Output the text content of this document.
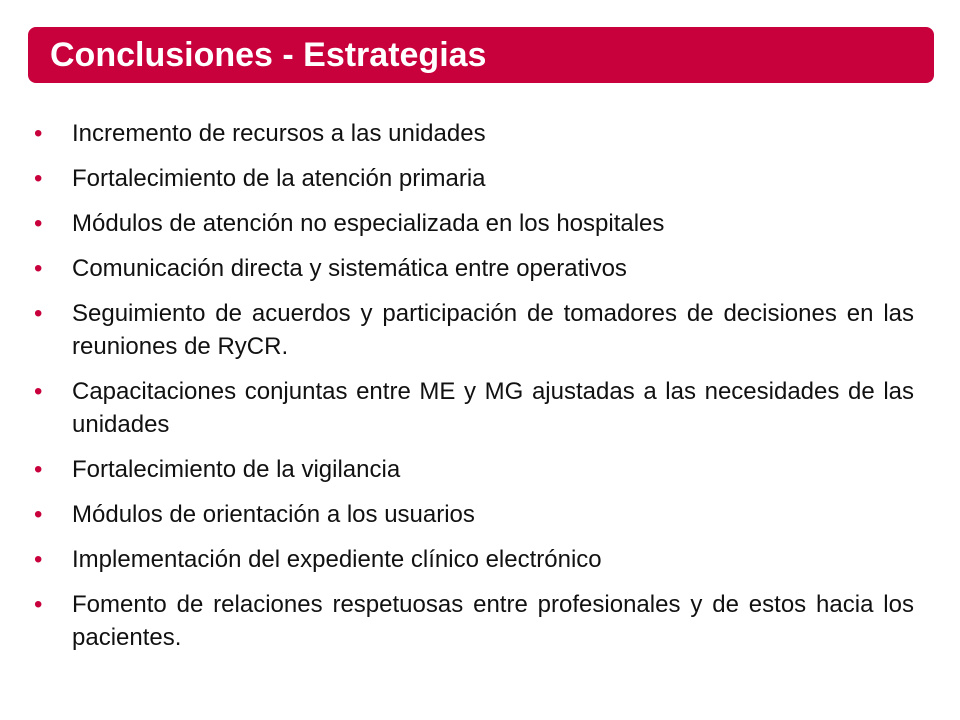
Conclusiones - Estrategias
•	Incremento de recursos a las unidades
•	Fortalecimiento de la atención primaria
•	Módulos de atención no especializada en los hospitales
•	Comunicación directa y sistemática entre operativos
•	Seguimiento de acuerdos y participación de tomadores de decisiones en las reuniones de RyCR.
•	Capacitaciones conjuntas entre ME y MG ajustadas a las necesidades de las unidades
•	Fortalecimiento de la vigilancia
•	Módulos de orientación a los usuarios
•	Implementación del expediente clínico electrónico
•	Fomento de relaciones respetuosas entre profesionales y de estos hacia los pacientes.
